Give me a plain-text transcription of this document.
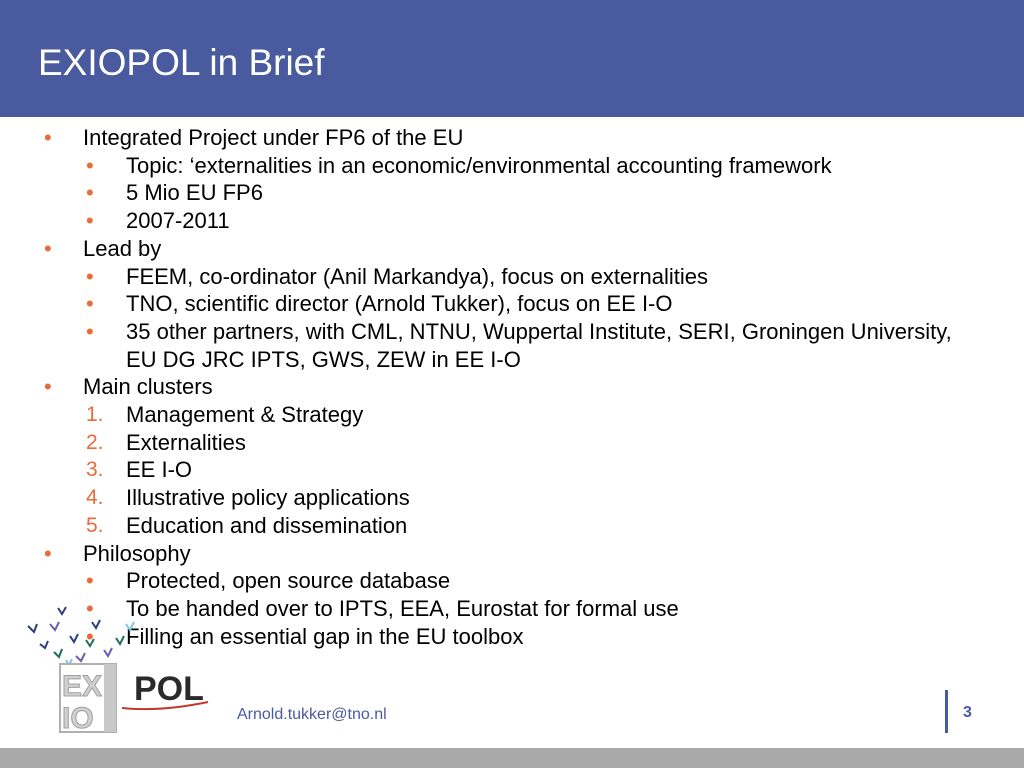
EXIOPOL in Brief
• Integrated Project under FP6 of the EU
• Topic: ‘externalities in an economic/environmental accounting framework
• 5 Mio EU FP6
• 2007-2011
• Lead by
• FEEM, co-ordinator (Anil Markandya), focus on externalities
• TNO, scientific director (Arnold Tukker), focus on EE I-O
• 35 other partners, with CML, NTNU, Wuppertal Institute, SERI, Groningen University, EU DG JRC IPTS, GWS, ZEW in EE I-O
• Main clusters
1. Management & Strategy
2. Externalities
3. EE I-O
4. Illustrative policy applications
5. Education and dissemination
• Philosophy
• Protected, open source database
• To be handed over to IPTS, EEA, Eurostat for formal use
• Filling an essential gap in the EU toolbox
EX
IO
POL
Arnold.tukker@tno.nl	3
